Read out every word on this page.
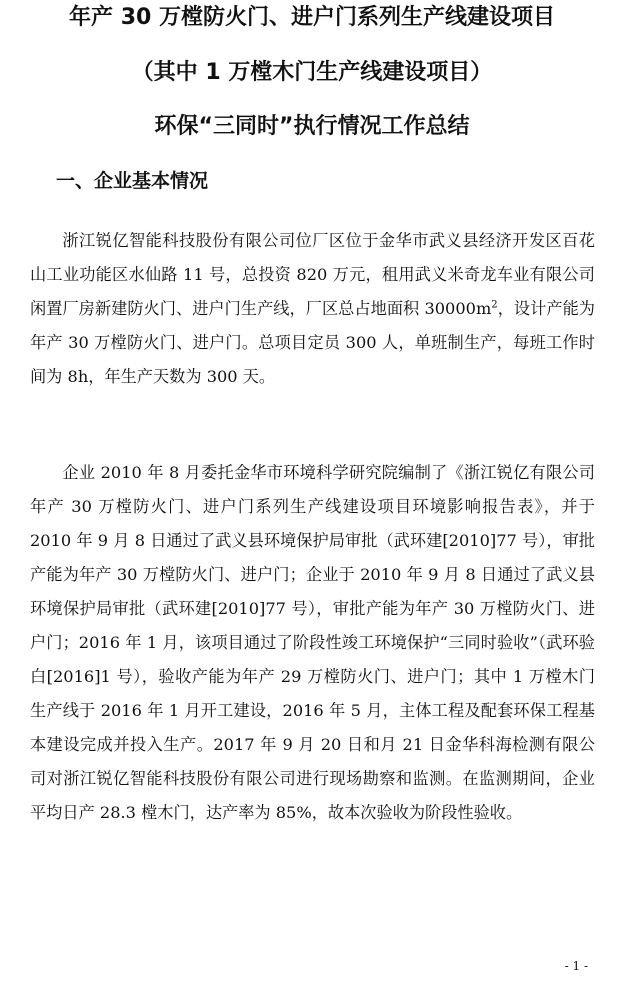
年产 30 万樘防火门、进户门系列生产线建设项目
（其中 1 万樘木门生产线建设项目）
环保“三同时”执行情况工作总结
一、企业基本情况

浙江锐亿智能科技股份有限公司位厂区位于金华市武义县经济开发区百花山工业功能区水仙路 11 号，总投资 820 万元，租用武义米奇龙车业有限公司闲置厂房新建防火门、进户门生产线，厂区总占地面积 $30000m^2$，设计产能为年产 30 万樘防火门、进户门。总项目定员 300 人，单班制生产，每班工作时间为 8h，年生产天数为 300 天。

企业 2010 年 8 月委托金华市环境科学研究院编制了《浙江锐亿有限公司年产 30 万樘防火门、进户门系列生产线建设项目环境影响报告表》，并于 2010 年 9 月 8 日通过了武义县环境保护局审批（武环建[2010]77 号），审批产能为年产 30 万樘防火门、进户门；企业于 2010 年 9 月 8 日通过了武义县环境保护局审批（武环建[2010]77 号），审批产能为年产 30 万樘防火门、进户门；2016 年 1 月，该项目通过了阶段性竣工环境保护“三同时验收”（武环验白[2016]1 号），验收产能为年产 29 万樘防火门、进户门；其中 1 万樘木门生产线于 2016 年 1 月开工建设，2016 年 5 月，主体工程及配套环保工程基本建设完成并投入生产。2017 年 9 月 20 日和月 21 日金华科海检测有限公司对浙江锐亿智能科技股份有限公司进行现场勘察和监测。在监测期间，企业平均日产 28.3 樘木门，达产率为 85%，故本次验收为阶段性验收。

- 1 -
